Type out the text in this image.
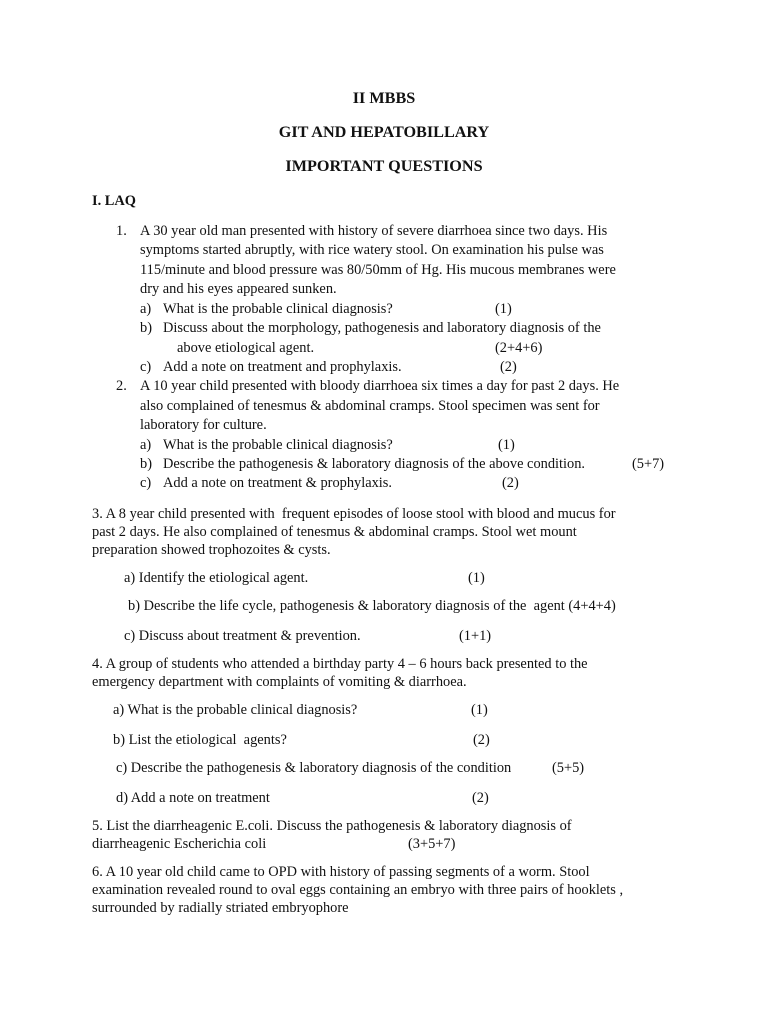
II MBBS
GIT AND HEPATOBILLARY
IMPORTANT QUESTIONS
I. LAQ
1. A 30 year old man presented with history of severe diarrhoea since two days. His
symptoms started abruptly, with rice watery stool. On examination his pulse was
115/minute and blood pressure was 80/50mm of Hg. His mucous membranes were
dry and his eyes appeared sunken.
a) What is the probable clinical diagnosis?	(1)
b) Discuss about the morphology, pathogenesis and laboratory diagnosis of the
above etiological agent.	(2+4+6)
c) Add a note on treatment and prophylaxis.	(2)
2. A 10 year child presented with bloody diarrhoea six times a day for past 2 days. He
also complained of tenesmus & abdominal cramps. Stool specimen was sent for
laboratory for culture.
a) What is the probable clinical diagnosis?	(1)
b) Describe the pathogenesis & laboratory diagnosis of the above condition.	(5+7)
c) Add a note on treatment & prophylaxis.	(2)
3. A 8 year child presented with  frequent episodes of loose stool with blood and mucus for
past 2 days. He also complained of tenesmus & abdominal cramps. Stool wet mount
preparation showed trophozoites & cysts.
a) Identify the etiological agent.	(1)
b) Describe the life cycle, pathogenesis & laboratory diagnosis of the  agent (4+4+4)
c) Discuss about treatment & prevention.	(1+1)
4. A group of students who attended a birthday party 4 – 6 hours back presented to the
emergency department with complaints of vomiting & diarrhoea.
a) What is the probable clinical diagnosis?	(1)
b) List the etiological  agents?	(2)
c) Describe the pathogenesis & laboratory diagnosis of the condition	(5+5)
d) Add a note on treatment	(2)
5. List the diarrheagenic E.coli. Discuss the pathogenesis & laboratory diagnosis of
diarrheagenic Escherichia coli	(3+5+7)
6. A 10 year old child came to OPD with history of passing segments of a worm. Stool
examination revealed round to oval eggs containing an embryo with three pairs of hooklets ,
surrounded by radially striated embryophore
